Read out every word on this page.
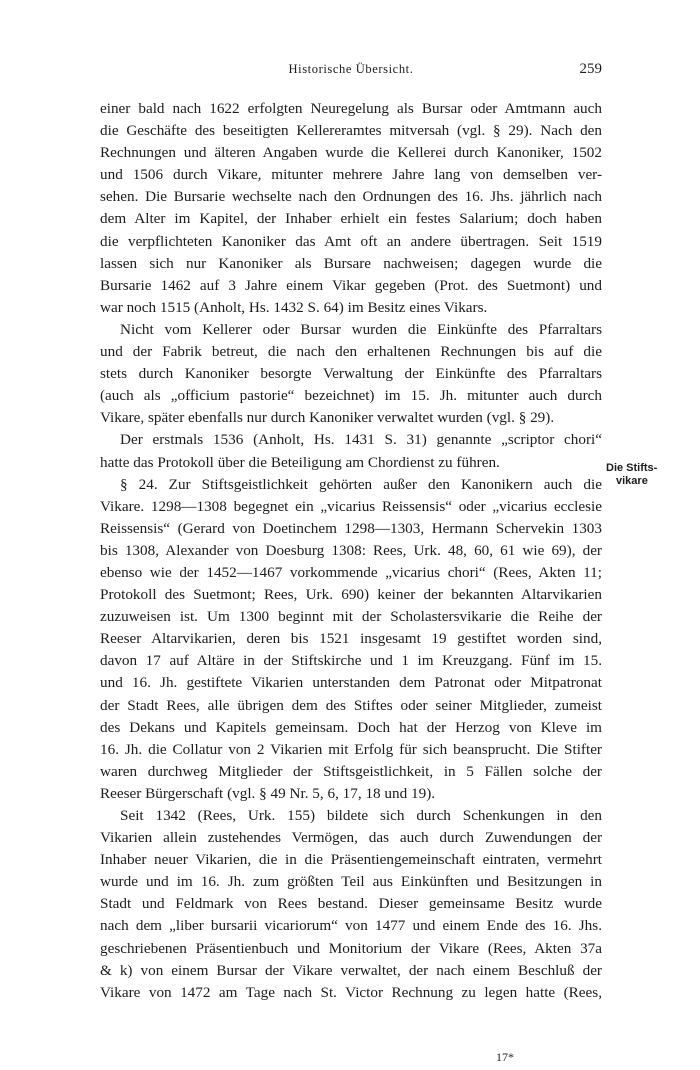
Historische Übersicht.	259
einer bald nach 1622 erfolgten Neuregelung als Bursar oder Amtmann auch
die Geschäfte des beseitigten Kellereramtes mitversah (vgl. § 29). Nach den
Rechnungen und älteren Angaben wurde die Kellerei durch Kanoniker, 1502
und 1506 durch Vikare, mitunter mehrere Jahre lang von demselben ver-
sehen. Die Bursarie wechselte nach den Ordnungen des 16. Jhs. jährlich nach
dem Alter im Kapitel, der Inhaber erhielt ein festes Salarium; doch haben
die verpflichteten Kanoniker das Amt oft an andere übertragen. Seit 1519
lassen sich nur Kanoniker als Bursare nachweisen; dagegen wurde die
Bursarie 1462 auf 3 Jahre einem Vikar gegeben (Prot. des Suetmont) und
war noch 1515 (Anholt, Hs. 1432 S. 64) im Besitz eines Vikars.
Nicht vom Kellerer oder Bursar wurden die Einkünfte des Pfarraltars
und der Fabrik betreut, die nach den erhaltenen Rechnungen bis auf die
stets durch Kanoniker besorgte Verwaltung der Einkünfte des Pfarraltars
(auch als „officium pastorie“ bezeichnet) im 15. Jh. mitunter auch durch
Vikare, später ebenfalls nur durch Kanoniker verwaltet wurden (vgl. § 29).
Der erstmals 1536 (Anholt, Hs. 1431 S. 31) genannte „scriptor chori“
hatte das Protokoll über die Beteiligung am Chordienst zu führen.
§ 24. Zur Stiftsgeistlichkeit gehörten außer den Kanonikern auch die
Vikare. 1298—1308 begegnet ein „vicarius Reissensis“ oder „vicarius ecclesie
Reissensis“ (Gerard von Doetinchem 1298—1303, Hermann Schervekin 1303
bis 1308, Alexander von Doesburg 1308: Rees, Urk. 48, 60, 61 wie 69), der
ebenso wie der 1452—1467 vorkommende „vicarius chori“ (Rees, Akten 11;
Protokoll des Suetmont; Rees, Urk. 690) keiner der bekannten Altarvikarien
zuzuweisen ist. Um 1300 beginnt mit der Scholastersvikarie die Reihe der
Reeser Altarvikarien, deren bis 1521 insgesamt 19 gestiftet worden sind,
davon 17 auf Altäre in der Stiftskirche und 1 im Kreuzgang. Fünf im 15.
und 16. Jh. gestiftete Vikarien unterstanden dem Patronat oder Mitpatronat
der Stadt Rees, alle übrigen dem des Stiftes oder seiner Mitglieder, zumeist
des Dekans und Kapitels gemeinsam. Doch hat der Herzog von Kleve im
16. Jh. die Collatur von 2 Vikarien mit Erfolg für sich beansprucht. Die Stifter
waren durchweg Mitglieder der Stiftsgeistlichkeit, in 5 Fällen solche der
Reeser Bürgerschaft (vgl. § 49 Nr. 5, 6, 17, 18 und 19).
Seit 1342 (Rees, Urk. 155) bildete sich durch Schenkungen in den
Vikarien allein zustehendes Vermögen, das auch durch Zuwendungen der
Inhaber neuer Vikarien, die in die Präsentiengemeinschaft eintraten, vermehrt
wurde und im 16. Jh. zum größten Teil aus Einkünften und Besitzungen in
Stadt und Feldmark von Rees bestand. Dieser gemeinsame Besitz wurde
nach dem „liber bursarii vicariorum“ von 1477 und einem Ende des 16. Jhs.
geschriebenen Präsentienbuch und Monitorium der Vikare (Rees, Akten 37a
& k) von einem Bursar der Vikare verwaltet, der nach einem Beschluß der
Vikare von 1472 am Tage nach St. Victor Rechnung zu legen hatte (Rees,
Die Stifts-
vikare
17*
